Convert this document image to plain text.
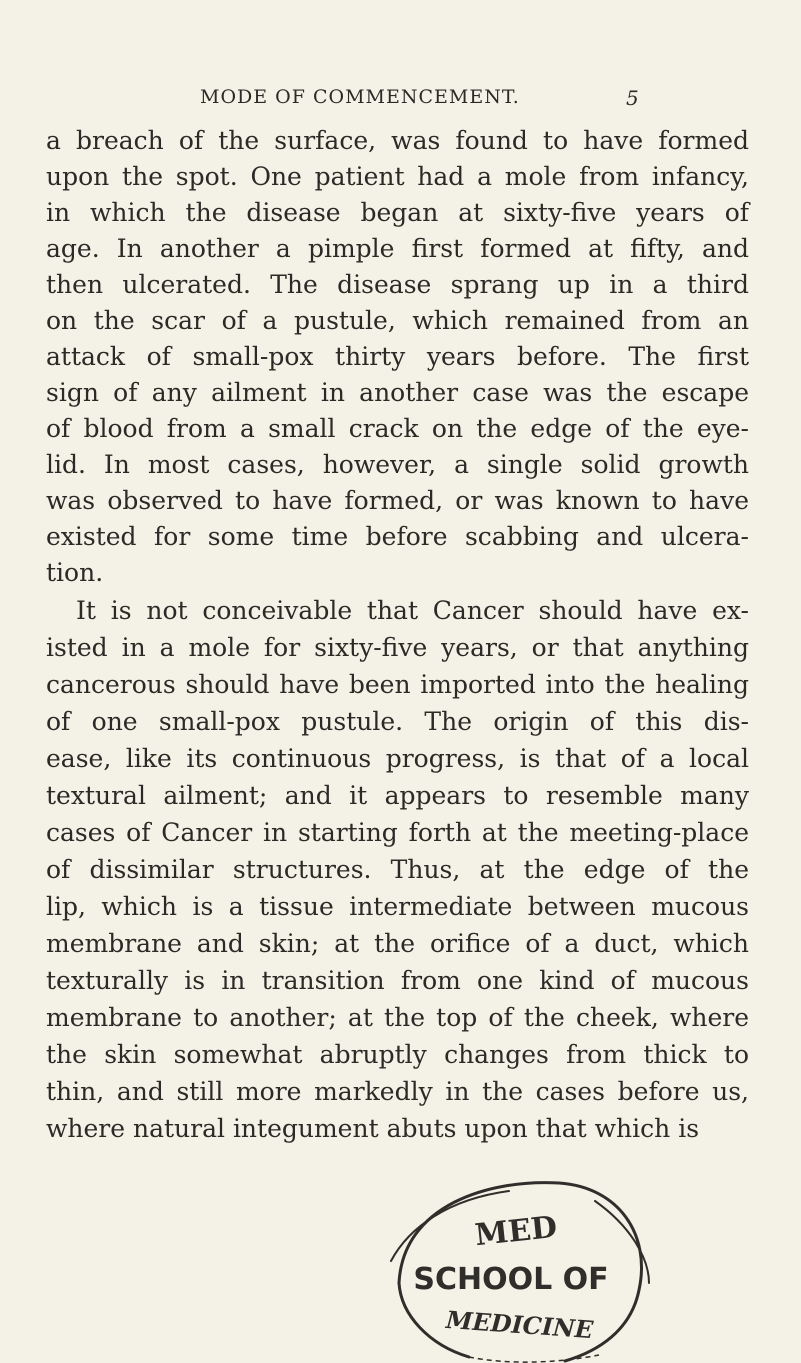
MODE OF COMMENCEMENT.	5
a breach of the surface, was found to have formed
upon the spot. One patient had a mole from infancy,
in which the disease began at sixty-five years of
age. In another a pimple first formed at fifty, and
then ulcerated. The disease sprang up in a third
on the scar of a pustule, which remained from an
attack of small-pox thirty years before. The first
sign of any ailment in another case was the escape
of blood from a small crack on the edge of the eye-
lid. In most cases, however, a single solid growth
was observed to have formed, or was known to have
existed for some time before scabbing and ulcera-
tion.
It is not conceivable that Cancer should have ex-
isted in a mole for sixty-five years, or that anything
cancerous should have been imported into the healing
of one small-pox pustule. The origin of this dis-
ease, like its continuous progress, is that of a local
textural ailment; and it appears to resemble many
cases of Cancer in starting forth at the meeting-place
of dissimilar structures. Thus, at the edge of the
lip, which is a tissue intermediate between mucous
membrane and skin; at the orifice of a duct, which
texturally is in transition from one kind of mucous
membrane to another; at the top of the cheek, where
the skin somewhat abruptly changes from thick to
thin, and still more markedly in the cases before us,
where natural integument abuts upon that which is
MED
SCHOOL OF
MEDICINE
